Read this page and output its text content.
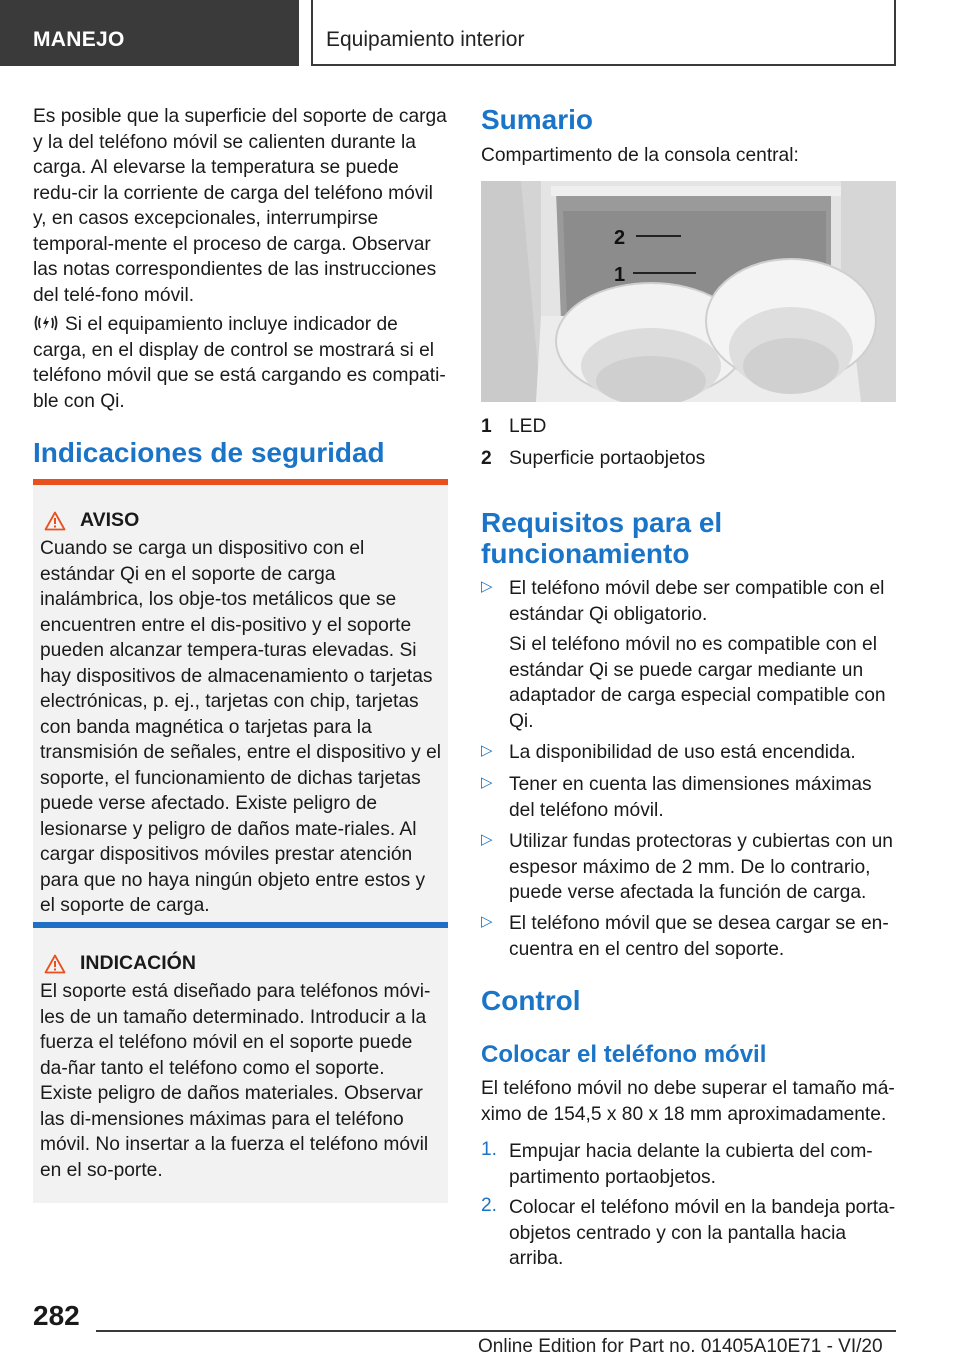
MANEJO	Equipamiento interior

Es posible que la superficie del soporte de carga y la del teléfono móvil se calienten durante la carga. Al elevarse la temperatura se puede redu-cir la corriente de carga del teléfono móvil y, en casos excepcionales, interrumpirse temporal-mente el proceso de carga. Observar las notas correspondientes de las instrucciones del telé-fono móvil.

Si el equipamiento incluye indicador de carga, en el display de control se mostrará si el teléfono móvil que se está cargando es compati-ble con Qi.

Indicaciones de seguridad
AVISO

Cuando se carga un dispositivo con el estándar Qi en el soporte de carga inalámbrica, los obje-tos metálicos que se encuentren entre el dis-positivo y el soporte pueden alcanzar tempera-turas elevadas. Si hay dispositivos de almacenamiento o tarjetas electrónicas, p. ej., tarjetas con chip, tarjetas con banda magnética o tarjetas para la transmisión de señales, entre el dispositivo y el soporte, el funcionamiento de dichas tarjetas puede verse afectado. Existe peligro de lesionarse y peligro de daños mate-riales. Al cargar dispositivos móviles prestar atención para que no haya ningún objeto entre estos y el soporte de carga.

INDICACIÓN

El soporte está diseñado para teléfonos móvi-les de un tamaño determinado. Introducir a la fuerza el teléfono móvil en el soporte puede da-ñar tanto el teléfono como el soporte. Existe peligro de daños materiales. Observar las di-mensiones máximas para el teléfono móvil. No insertar a la fuerza el teléfono móvil en el so-porte.

Sumario

Compartimento de la consola central:

2
1
1 LED
2 Superficie portaobjetos
Requisitos para el funcionamiento
▷ El teléfono móvil debe ser compatible con el estándar Qi obligatorio.

Si el teléfono móvil no es compatible con el estándar Qi se puede cargar mediante un adaptador de carga especial compatible con Qi.

▷ La disponibilidad de uso está encendida.

▷ Tener en cuenta las dimensiones máximas del teléfono móvil.

▷ Utilizar fundas protectoras y cubiertas con un espesor máximo de 2 mm. De lo contrario, puede verse afectada la función de carga.

▷ El teléfono móvil que se desea cargar se en-cuentra en el centro del soporte.

Control
Colocar el teléfono móvil

El teléfono móvil no debe superar el tamaño má-ximo de 154,5 x 80 x 18 mm aproximadamente.

1. Empujar hacia delante la cubierta del com-partimento portaobjetos.

2. Colocar el teléfono móvil en la bandeja porta-objetos centrado y con la pantalla hacia arriba.

282
Online Edition for Part no. 01405A10E71 - VI/20
